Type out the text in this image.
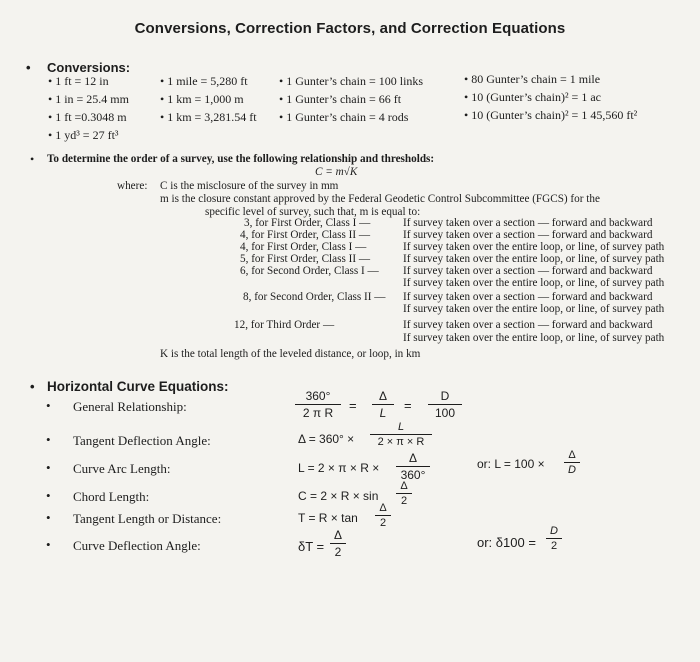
Conversions, Correction Factors, and Correction Equations
• Conversions:
• 1 ft = 12 in
• 1 in = 25.4 mm
• 1 ft =0.3048 m
• 1 yd³ = 27 ft³
• 1 mile = 5,280 ft
• 1 km = 1,000 m
• 1 km = 3,281.54 ft
• 1 Gunter’s chain = 100 links
• 1 Gunter’s chain = 66 ft
• 1 Gunter’s chain = 4 rods
• 80 Gunter’s chain = 1 mile
• 10 (Gunter’s chain)² = 1 ac
• 10 (Gunter’s chain)² = 1 45,560 ft²
• To determine the order of a survey, use the following relationship and thresholds:
C = m√K
where: C is the misclosure of the survey in mm
m is the closure constant approved by the Federal Geodetic Control Subcommittee (FGCS) for the
specific level of survey, such that, m is equal to:
3, for First Order, Class I —	If survey taken over a section — forward and backward
4, for First Order, Class II —	If survey taken over a section — forward and backward
4, for First Order, Class I —	If survey taken over the entire loop, or line, of survey path
5, for First Order, Class II —	If survey taken over the entire loop, or line, of survey path
6, for Second Order, Class I — If survey taken over a section — forward and backward
If survey taken over the entire loop, or line, of survey path
8, for Second Order, Class II — If survey taken over a section — forward and backward
If survey taken over the entire loop, or line, of survey path
12, for Third Order —	If survey taken over a section — forward and backward
If survey taken over the entire loop, or line, of survey path
K is the total length of the leveled distance, or loop, in km
• Horizontal Curve Equations:
• General Relationship:
• Tangent Deflection Angle:
• Curve Arc Length:
• Chord Length:
• Tangent Length or Distance:
• Curve Deflection Angle:
360°
2 π R	=
Δ
L	=
D
100
Δ = 360° ×
L
2 × π × R
L = 2 × π × R ×
Δ
360°
or: L = 100 ×
Δ
D
C = 2 × R × sin
Δ
2
T = R × tan
Δ
2
δT =
Δ
2
or: δ100 =
D
2
